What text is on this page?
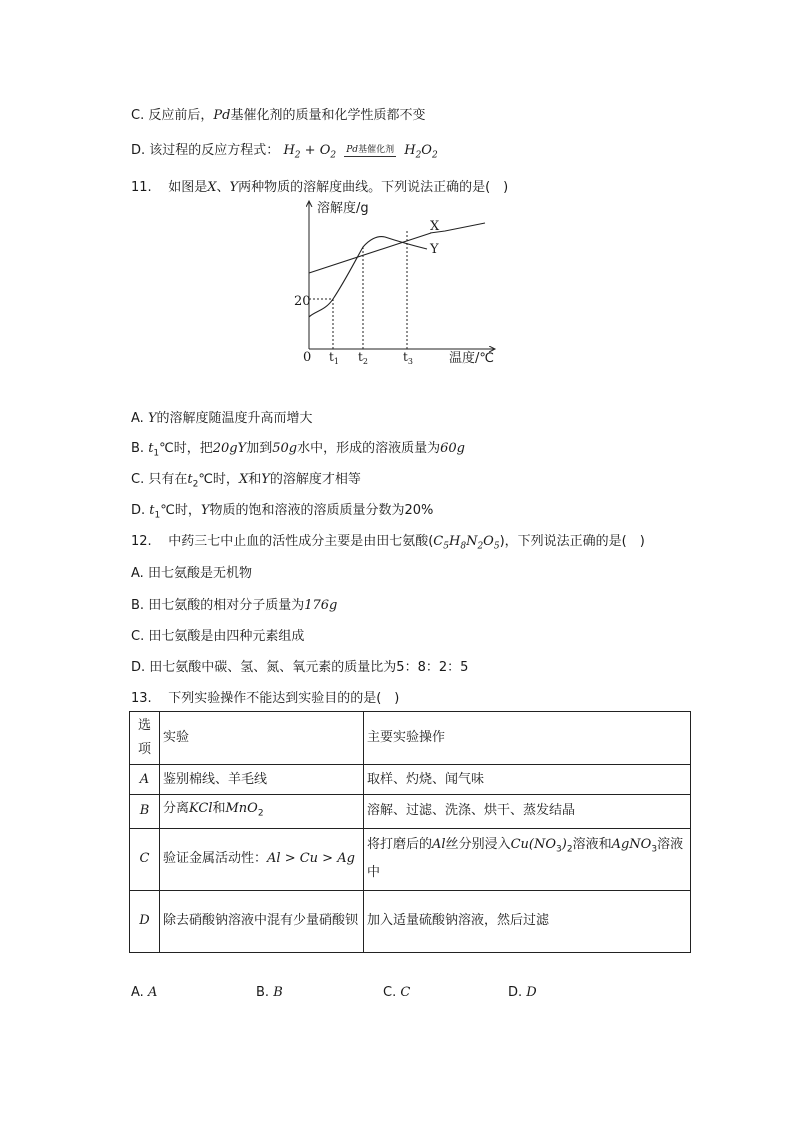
C. 反应前后，Pd基催化剂的质量和化学性质都不变
D. 该过程的反应方程式： $H_2 + O_2$
Pd基催化剂 $H_2O_2$
11. 如图是X、Y两种物质的溶解度曲线。下列说法正确的是(　)
溶解度/g
温度/℃
0
20
X
Y
$t_1$ $t_2$	$t_3$
A. Y的溶解度随温度升高而增大
B. $t_1℃$时，把20gY加到50g水中，形成的溶液质量为60g
C. 只有在$t_2℃$时，X和Y的溶解度才相等
D. $t_1℃$时，Y物质的饱和溶液的溶质质量分数为20%
12. 中药三七中止血的活性成分主要是由田七氨酸$(C_5H_8N_2O_5)$，下列说法正确的是(　)
A. 田七氨酸是无机物
B. 田七氨酸的相对分子质量为176g
C. 田七氨酸是由四种元素组成
D. 田七氨酸中碳、氢、氮、氧元素的质量比为5：8：2：5
13. 下列实验操作不能达到实验目的的是(　)
选项	实验	主要实验操作
A	鉴别棉线、羊毛线	取样、灼烧、闻气味
B	分离KCl和MnO$_2$	溶解、过滤、洗涤、烘干、蒸发结晶
C	验证金属活动性：Al > Cu > Ag	将打磨后的Al丝分别浸入$Cu(NO_3)_2$溶液和AgNO$_3$溶液中
D	除去硝酸钠溶液中混有少量硝酸钡	加入适量硫酸钠溶液，然后过滤
A. A	B. B	C. C	D. D
